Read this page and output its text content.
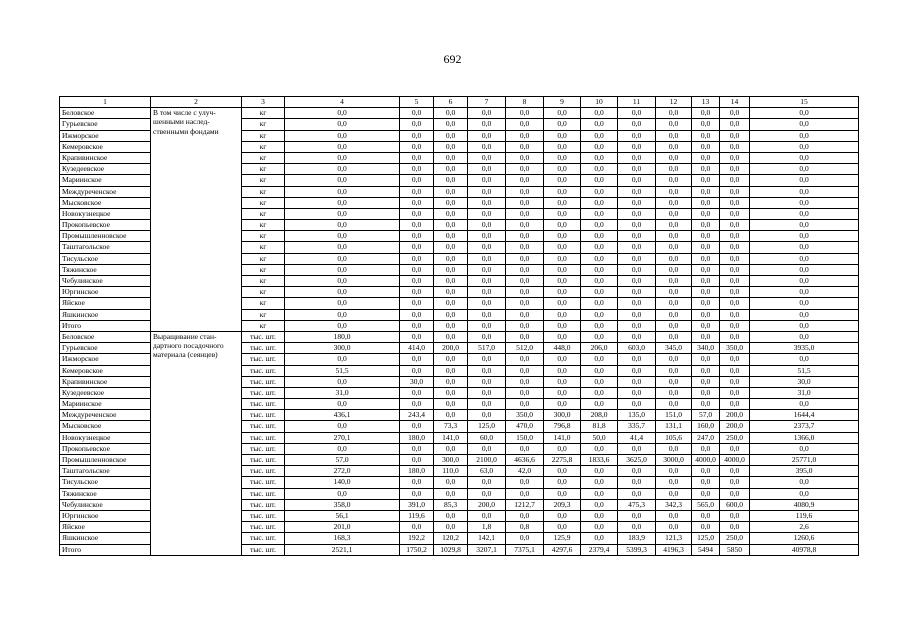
692
1	2	3	4	5	6	7	8	9	10	11	12	13	14	15
Беловское	В том числе с улуч-шенными наслед-ственными фондами	кг	0,0	0,0	0,0	0,0	0,0	0,0	0,0	0,0	0,0	0,0	0,0	0,0
Гурьевское		кг	0,0	0,0	0,0	0,0	0,0	0,0	0,0	0,0	0,0	0,0	0,0	0,0
Ижморское		кг	0,0	0,0	0,0	0,0	0,0	0,0	0,0	0,0	0,0	0,0	0,0	0,0
Кемеровское		кг	0,0	0,0	0,0	0,0	0,0	0,0	0,0	0,0	0,0	0,0	0,0	0,0
Крапивинское		кг	0,0	0,0	0,0	0,0	0,0	0,0	0,0	0,0	0,0	0,0	0,0	0,0
Кузедеевское		кг	0,0	0,0	0,0	0,0	0,0	0,0	0,0	0,0	0,0	0,0	0,0	0,0
Мариинское		кг	0,0	0,0	0,0	0,0	0,0	0,0	0,0	0,0	0,0	0,0	0,0	0,0
Междуреченское		кг	0,0	0,0	0,0	0,0	0,0	0,0	0,0	0,0	0,0	0,0	0,0	0,0
Мысковское		кг	0,0	0,0	0,0	0,0	0,0	0,0	0,0	0,0	0,0	0,0	0,0	0,0
Новокузнецкое		кг	0,0	0,0	0,0	0,0	0,0	0,0	0,0	0,0	0,0	0,0	0,0	0,0
Прокопьевское		кг	0,0	0,0	0,0	0,0	0,0	0,0	0,0	0,0	0,0	0,0	0,0	0,0
Промышленновское		кг	0,0	0,0	0,0	0,0	0,0	0,0	0,0	0,0	0,0	0,0	0,0	0,0
Таштагольское		кг	0,0	0,0	0,0	0,0	0,0	0,0	0,0	0,0	0,0	0,0	0,0	0,0
Тисульское		кг	0,0	0,0	0,0	0,0	0,0	0,0	0,0	0,0	0,0	0,0	0,0	0,0
Тяжинское		кг	0,0	0,0	0,0	0,0	0,0	0,0	0,0	0,0	0,0	0,0	0,0	0,0
Чебулинское		кг	0,0	0,0	0,0	0,0	0,0	0,0	0,0	0,0	0,0	0,0	0,0	0,0
Юргинское		кг	0,0	0,0	0,0	0,0	0,0	0,0	0,0	0,0	0,0	0,0	0,0	0,0
Яйское		кг	0,0	0,0	0,0	0,0	0,0	0,0	0,0	0,0	0,0	0,0	0,0	0,0
Яшкинское		кг	0,0	0,0	0,0	0,0	0,0	0,0	0,0	0,0	0,0	0,0	0,0	0,0
Итого		кг	0,0	0,0	0,0	0,0	0,0	0,0	0,0	0,0	0,0	0,0	0,0	0,0
Беловское	Выращивание стан-дартного посадочного материала (сеянцев)	тыс. шт.	180,0	0,0	0,0	0,0	0,0	0,0	0,0	0,0	0,0	0,0	0,0	0,0
Гурьевское		тыс. шт.	300,0	414,0	200,0	517,0	512,0	448,0	206,0	603,0	345,0	340,0	350,0	3935,0
Ижморское		тыс. шт.	0,0	0,0	0,0	0,0	0,0	0,0	0,0	0,0	0,0	0,0	0,0	0,0
Кемеровское		тыс. шт.	51,5	0,0	0,0	0,0	0,0	0,0	0,0	0,0	0,0	0,0	0,0	51,5
Крапивинское		тыс. шт.	0,0	30,0	0,0	0,0	0,0	0,0	0,0	0,0	0,0	0,0	0,0	30,0
Кузедеевское		тыс. шт.	31,0	0,0	0,0	0,0	0,0	0,0	0,0	0,0	0,0	0,0	0,0	31,0
Мариинское		тыс. шт.	0,0	0,0	0,0	0,0	0,0	0,0	0,0	0,0	0,0	0,0	0,0	0,0
Междуреченское		тыс. шт.	436,1	243,4	0,0	0,0	350,0	300,0	208,0	135,0	151,0	57,0	200,0	1644,4
Мысковское		тыс. шт.	0,0	0,0	73,3	125,0	470,0	796,8	81,8	335,7	131,1	160,0	200,0	2373,7
Новокузнецкое		тыс. шт.	270,1	180,0	141,0	60,0	150,0	141,0	50,0	41,4	105,6	247,0	250,0	1366,0
Прокопьевское		тыс. шт.	0,0	0,0	0,0	0,0	0,0	0,0	0,0	0,0	0,0	0,0	0,0	0,0
Промышленновское		тыс. шт.	57,0	0,0	300,0	2100,0	4636,6	2275,8	1833,6	3625,0	3000,0	4000,0	4000,0	25771,0
Таштагольское		тыс. шт.	272,0	180,0	110,0	63,0	42,0	0,0	0,0	0,0	0,0	0,0	0,0	395,0
Тисульское		тыс. шт.	140,0	0,0	0,0	0,0	0,0	0,0	0,0	0,0	0,0	0,0	0,0	0,0
Тяжинское		тыс. шт.	0,0	0,0	0,0	0,0	0,0	0,0	0,0	0,0	0,0	0,0	0,0	0,0
Чебулинское		тыс. шт.	358,0	391,0	85,3	200,0	1212,7	209,3	0,0	475,3	342,3	565,0	600,0	4080,9
Юргинское		тыс. шт.	56,1	119,6	0,0	0,0	0,0	0,0	0,0	0,0	0,0	0,0	0,0	119,6
Яйское		тыс. шт.	201,0	0,0	0,0	1,8	0,8	0,0	0,0	0,0	0,0	0,0	0,0	2,6
Яшкинское		тыс. шт.	168,3	192,2	120,2	142,1	0,0	125,9	0,0	183,9	121,3	125,0	250,0	1260,6
Итого		тыс. шт.	2521,1	1750,2	1029,8	3207,1	7375,1	4297,6	2379,4	5399,3	4196,3	5494	5850	40978,8
